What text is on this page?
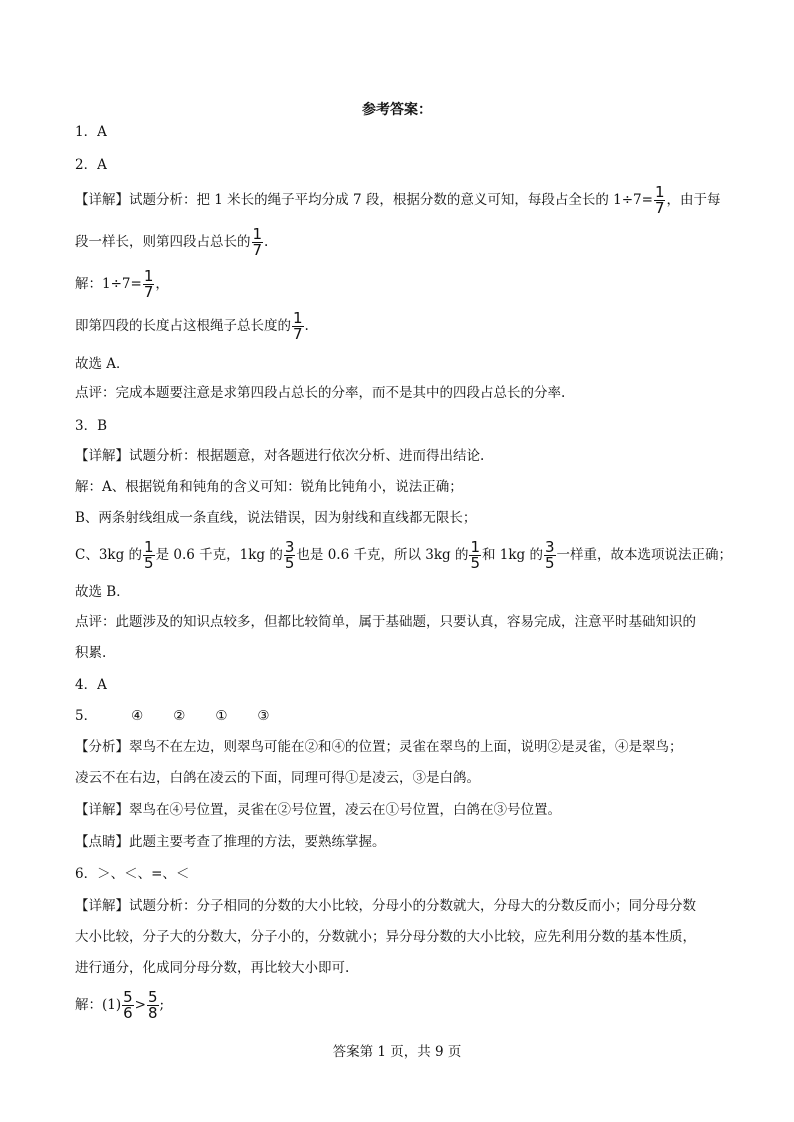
参考答案：
1．A
2．A
【详解】试题分析：把 1 米长的绳子平均分成 7 段，根据分数的意义可知，每段占全长的 $1\div 7= \frac{1}{7}$ ，由于每
段一样长，则第四段占总长的 $\frac{1}{7}$ .
解：$1\div 7= \frac{1}{7}$ ，
即第四段的长度占这根绳子总长度的 $\frac{1}{7}$ .
故选 A．
点评：完成本题要注意是求第四段占总长的分率，而不是其中的四段占总长的分率.
3．B
【详解】试题分析：根据题意，对各题进行依次分析、进而得出结论.
解：A、根据锐角和钝角的含义可知：锐角比钝角小，说法正确；
B、两条射线组成一条直线，说法错误，因为射线和直线都无限长；
C、3kg 的 $\frac{1}{5}$ 是 0.6 千克，1kg 的 $\frac{3}{5}$ 也是 0.6 千克，所以 3kg 的 $\frac{1}{5}$ 和 1kg 的 $\frac{3}{5}$ 一样重，故本选项说法正确；
故选 B．
点评：此题涉及的知识点较多，但都比较简单，属于基础题，只要认真，容易完成，注意平时基础知识的
积累.
4．A
5．	④ ② ① ③
【分析】翠鸟不在左边，则翠鸟可能在②和④的位置；灵雀在翠鸟的上面，说明②是灵雀，④是翠鸟；
凌云不在右边，白鸽在凌云的下面，同理可得①是凌云，③是白鸽。
【详解】翠鸟在④号位置，灵雀在②号位置，凌云在①号位置，白鸽在③号位置。
【点睛】此题主要考查了推理的方法，要熟练掌握。
6．＞、＜、=、＜
【详解】试题分析：分子相同的分数的大小比较，分母小的分数就大，分母大的分数反而小；同分母分数
大小比较，分子大的分数大，分子小的，分数就小；异分母分数的大小比较，应先利用分数的基本性质，
进行通分，化成同分母分数，再比较大小即可.
解：$(1) \frac{5}{6} > \frac{5}{8}$ ;
答案第 1 页，共 9 页
